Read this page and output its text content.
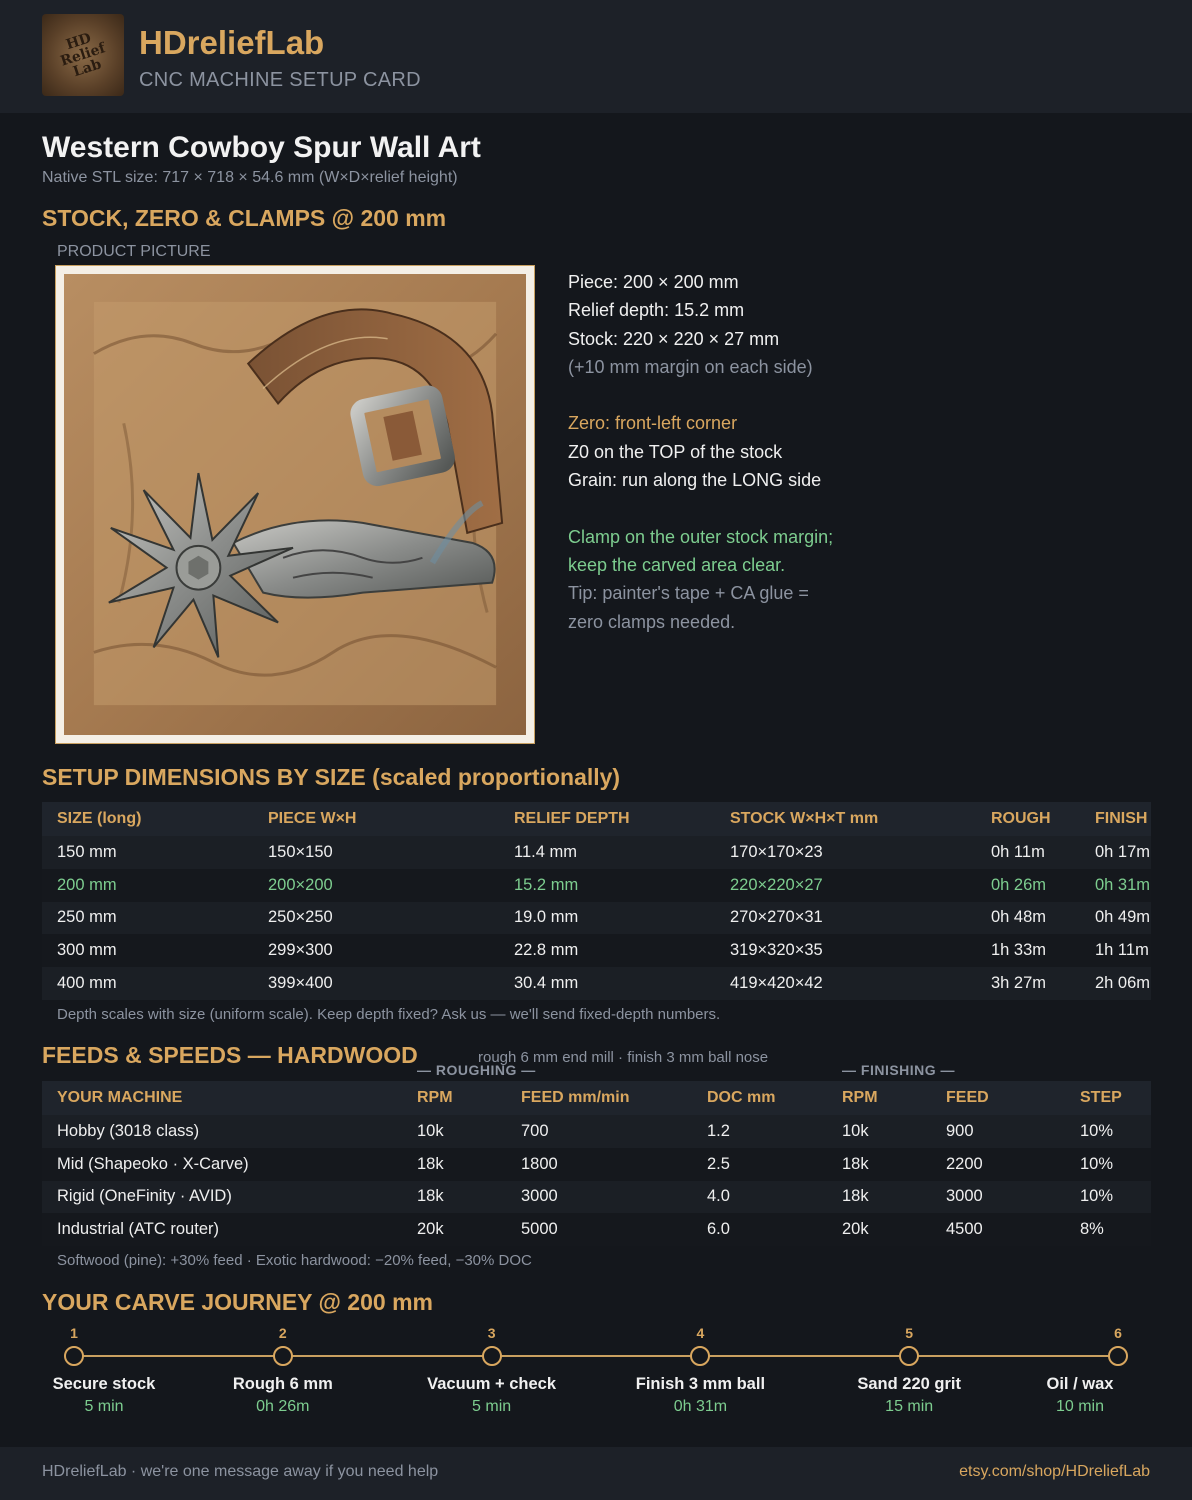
HD
Relief
Lab
HDreliefLab
CNC MACHINE SETUP CARD
Western Cowboy Spur Wall Art
Native STL size: 717 × 718 × 54.6 mm (W×D×relief height)
STOCK, ZERO & CLAMPS @ 200 mm
PRODUCT PICTURE
Piece: 200 × 200 mm
Relief depth: 15.2 mm
Stock: 220 × 220 × 27 mm
(+10 mm margin on each side)
Zero: front-left corner
Z0 on the TOP of the stock
Grain: run along the LONG side
Clamp on the outer stock margin;
keep the carved area clear.
Tip: painter's tape + CA glue =
zero clamps needed.
SETUP DIMENSIONS BY SIZE (scaled proportionally)
SIZE (long)	PIECE W×H	RELIEF DEPTH	STOCK W×H×T mm	ROUGH	FINISH
150 mm	150×150	11.4 mm	170×170×23	0h 11m	0h 17m
200 mm	200×200	15.2 mm	220×220×27	0h 26m	0h 31m
250 mm	250×250	19.0 mm	270×270×31	0h 48m	0h 49m
300 mm	299×300	22.8 mm	319×320×35	1h 33m	1h 11m
400 mm	399×400	30.4 mm	419×420×42	3h 27m	2h 06m
Depth scales with size (uniform scale). Keep depth fixed? Ask us — we'll send fixed-depth numbers.
FEEDS & SPEEDS — HARDWOOD	rough 6 mm end mill · finish 3 mm ball nose
— ROUGHING —	— FINISHING —
YOUR MACHINE	RPM	FEED mm/min	DOC mm	RPM	FEED	STEP
Hobby (3018 class)	10k	700	1.2	10k	900	10%
Mid (Shapeoko · X-Carve)	18k	1800	2.5	18k	2200	10%
Rigid (OneFinity · AVID)	18k	3000	4.0	18k	3000	10%
Industrial (ATC router)	20k	5000	6.0	20k	4500	8%
Softwood (pine): +30% feed · Exotic hardwood: −20% feed, −30% DOC
YOUR CARVE JOURNEY @ 200 mm
1
Secure stock
5 min
2
Rough 6 mm
0h 26m
3
Vacuum + check
5 min
4
Finish 3 mm ball
0h 31m
5
Sand 220 grit
15 min
6
Oil / wax
10 min
HDreliefLab · we're one message away if you need help	etsy.com/shop/HDreliefLab
